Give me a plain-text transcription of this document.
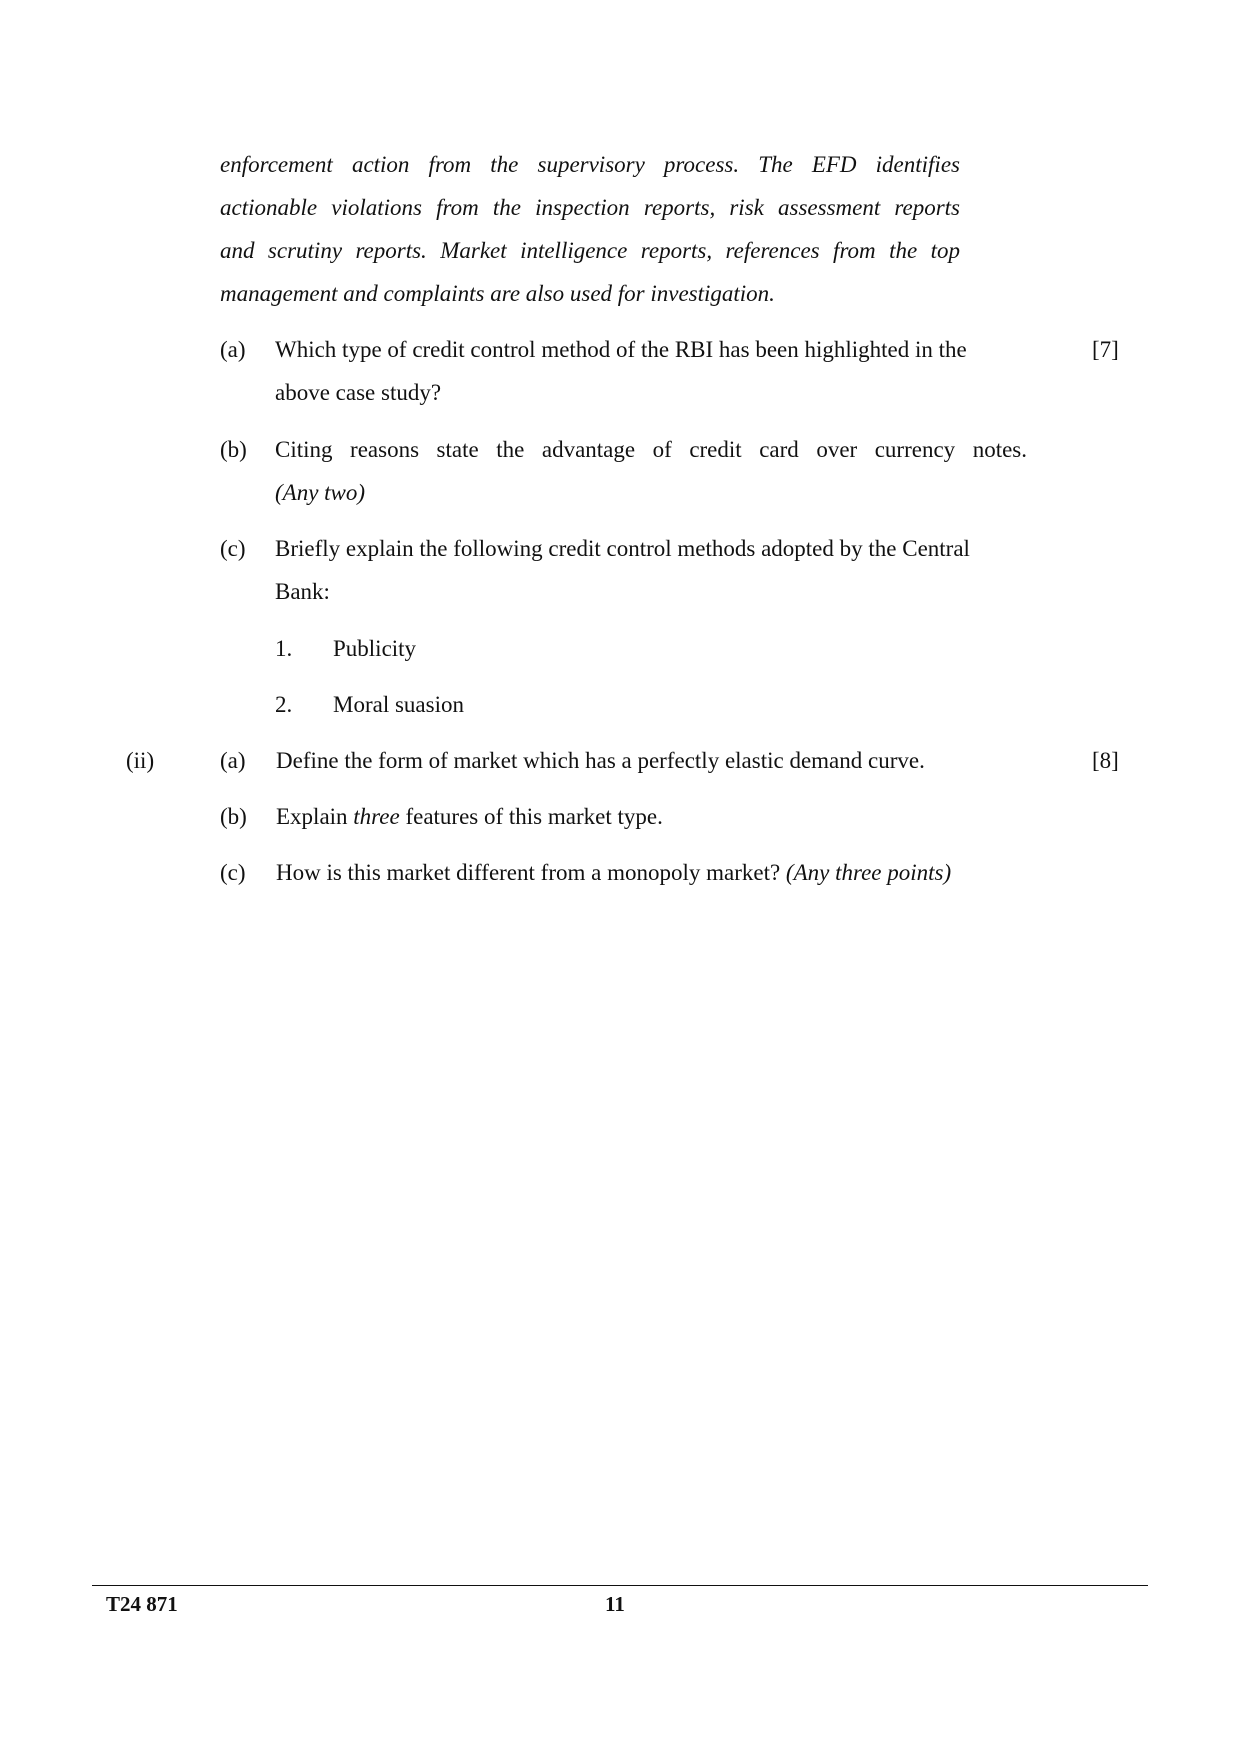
enforcement action from the supervisory process. The EFD identifies
actionable violations from the inspection reports, risk assessment reports
and scrutiny reports. Market intelligence reports, references from the top
management and complaints are also used for investigation.
(a) Which type of credit control method of the RBI has been highlighted in the
above case study?
[7]
(b) Citing reasons state the advantage of credit card over currency notes.
(Any two)
(c) Briefly explain the following credit control methods adopted by the Central
Bank:
1. Publicity
2. Moral suasion
(ii)	(a) Define the form of market which has a perfectly elastic demand curve.	[8]
(b) Explain three features of this market type.
(c) How is this market different from a monopoly market? (Any three points)
T24 871	11
